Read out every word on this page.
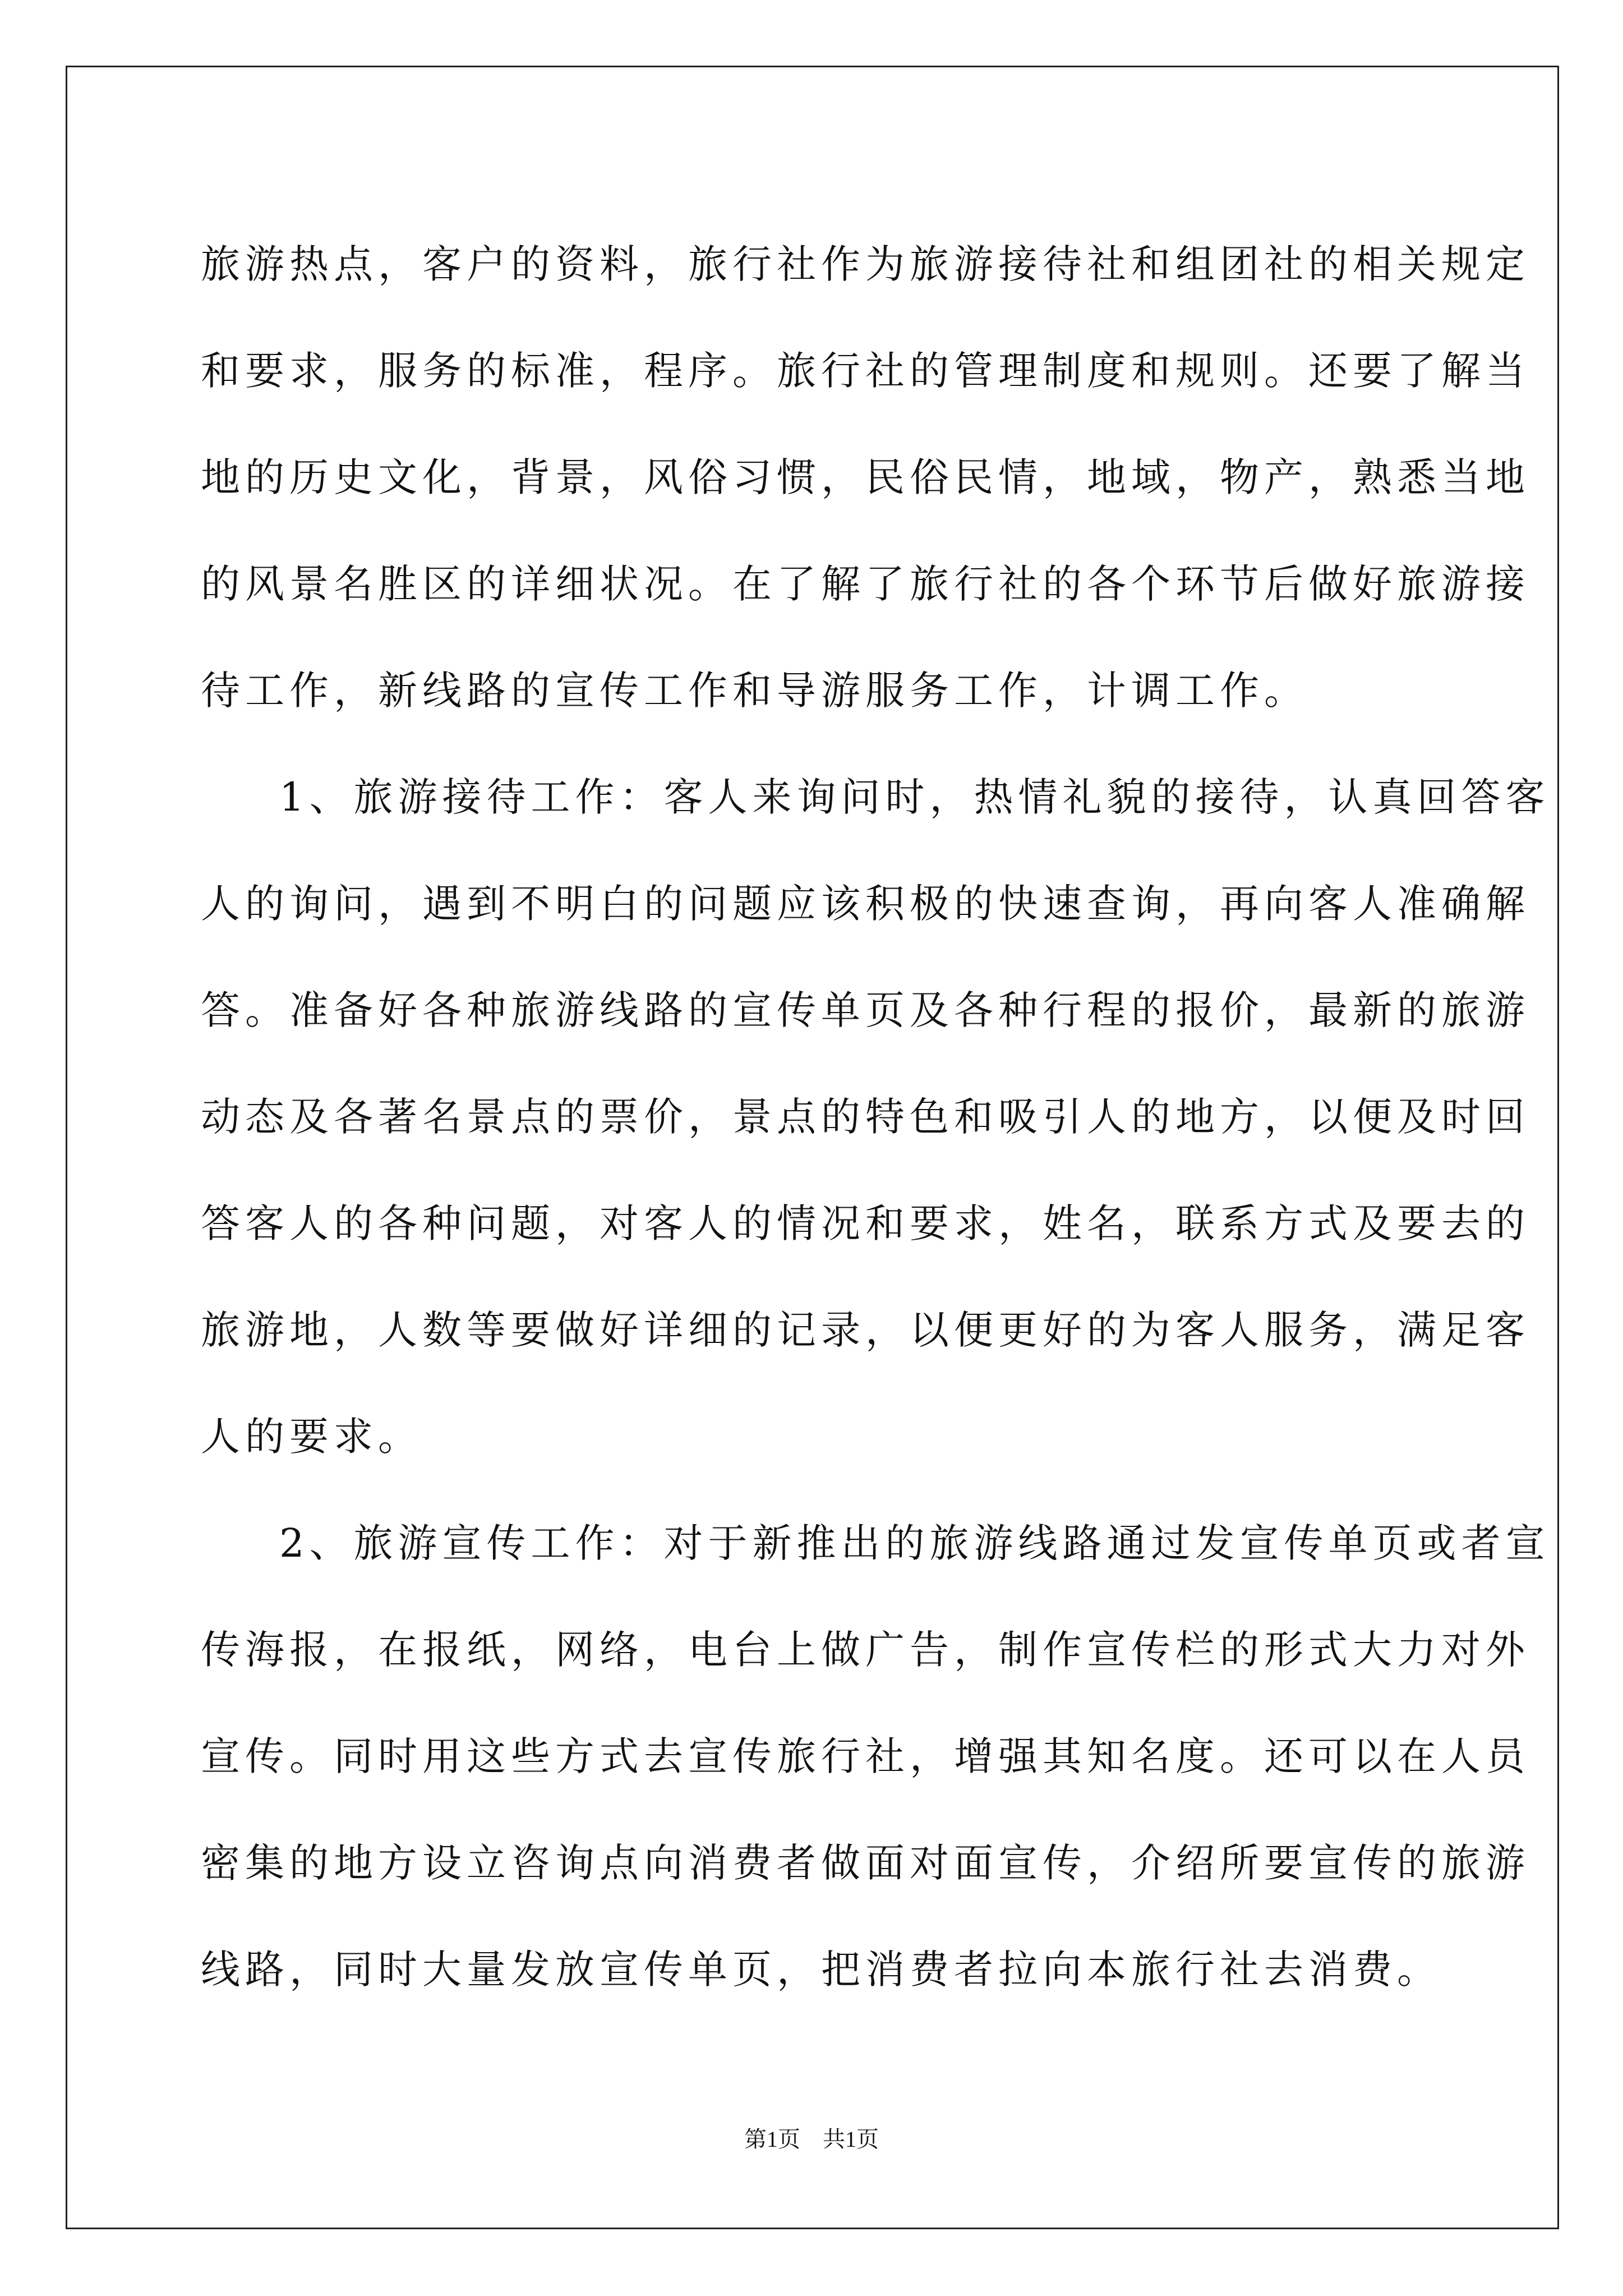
旅游热点，客户的资料，旅行社作为旅游接待社和组团社的相关规定
和要求，服务的标准，程序。旅行社的管理制度和规则。还要了解当
地的历史文化，背景，风俗习惯，民俗民情，地域，物产，熟悉当地
的风景名胜区的详细状况。在了解了旅行社的各个环节后做好旅游接
待工作，新线路的宣传工作和导游服务工作，计调工作。
1、旅游接待工作：客人来询问时，热情礼貌的接待，认真回答客
人的询问，遇到不明白的问题应该积极的快速查询，再向客人准确解
答。准备好各种旅游线路的宣传单页及各种行程的报价，最新的旅游
动态及各著名景点的票价，景点的特色和吸引人的地方，以便及时回
答客人的各种问题，对客人的情况和要求，姓名，联系方式及要去的
旅游地，人数等要做好详细的记录，以便更好的为客人服务，满足客
人的要求。
2、旅游宣传工作：对于新推出的旅游线路通过发宣传单页或者宣
传海报，在报纸，网络，电台上做广告，制作宣传栏的形式大力对外
宣传。同时用这些方式去宣传旅行社，增强其知名度。还可以在人员
密集的地方设立咨询点向消费者做面对面宣传，介绍所要宣传的旅游
线路，同时大量发放宣传单页，把消费者拉向本旅行社去消费。
第1页 共1页
